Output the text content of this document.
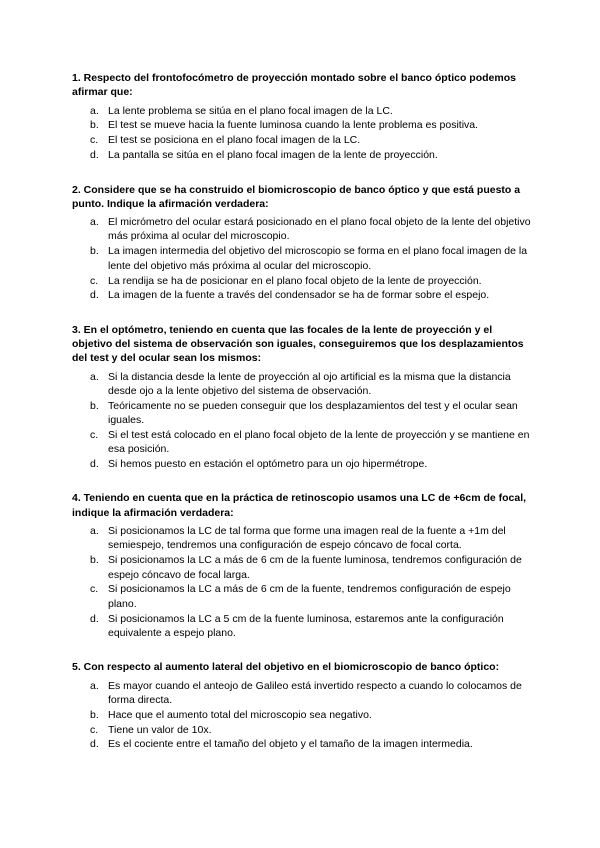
1. Respecto del frontofocómetro de proyección montado sobre el banco óptico podemos afirmar que:

a. La lente problema se sitúa en el plano focal imagen de la LC.
b. El test se mueve hacia la fuente luminosa cuando la lente problema es positiva.
c. El test se posiciona en el plano focal imagen de la LC.
d. La pantalla se sitúa en el plano focal imagen de la lente de proyección.

2. Considere que se ha construido el biomicroscopio de banco óptico y que está puesto a punto. Indique la afirmación verdadera:

a. El micrómetro del ocular estará posicionado en el plano focal objeto de la lente del objetivo más próxima al ocular del microscopio.
b. La imagen intermedia del objetivo del microscopio se forma en el plano focal imagen de la lente del objetivo más próxima al ocular del microscopio.
c. La rendija se ha de posicionar en el plano focal objeto de la lente de proyección.
d. La imagen de la fuente a través del condensador se ha de formar sobre el espejo.

3. En el optómetro, teniendo en cuenta que las focales de la lente de proyección y el objetivo del sistema de observación son iguales, conseguiremos que los desplazamientos del test y del ocular sean los mismos:

a. Si la distancia desde la lente de proyección al ojo artificial es la misma que la distancia desde ojo a la lente objetivo del sistema de observación.
b. Teóricamente no se pueden conseguir que los desplazamientos del test y el ocular sean iguales.
c. Si el test está colocado en el plano focal objeto de la lente de proyección y se mantiene en esa posición.
d. Si hemos puesto en estación el optómetro para un ojo hipermétrope.

4. Teniendo en cuenta que en la práctica de retinoscopio usamos una LC de +6cm de focal, indique la afirmación verdadera:

a. Si posicionamos la LC de tal forma que forme una imagen real de la fuente a +1m del semiespejo, tendremos una configuración de espejo cóncavo de focal corta.
b. Si posicionamos la LC a más de 6 cm de la fuente luminosa, tendremos configuración de espejo cóncavo de focal larga.
c. Si posicionamos la LC a más de 6 cm de la fuente, tendremos configuración de espejo plano.
d. Si posicionamos la LC a 5 cm de la fuente luminosa, estaremos ante la configuración equivalente a espejo plano.

5. Con respecto al aumento lateral del objetivo en el biomicroscopio de banco óptico:

a. Es mayor cuando el anteojo de Galileo está invertido respecto a cuando lo colocamos de forma directa.
b. Hace que el aumento total del microscopio sea negativo.
c. Tiene un valor de 10x.
d. Es el cociente entre el tamaño del objeto y el tamaño de la imagen intermedia.
